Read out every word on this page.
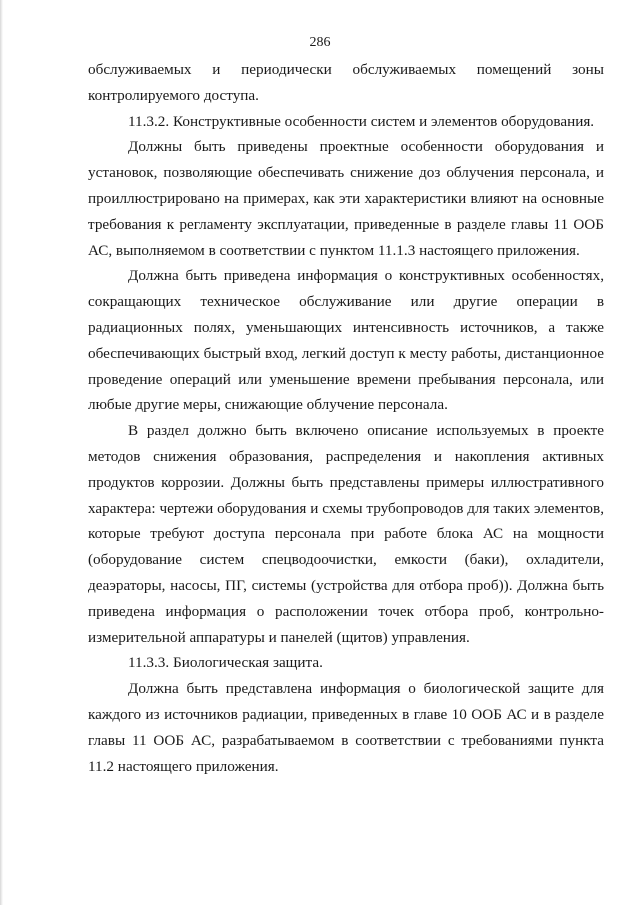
286

обслуживаемых и периодически обслуживаемых помещений зоны контролируемого доступа.

11.3.2. Конструктивные особенности систем и элементов оборудования.

Должны быть приведены проектные особенности оборудования и установок, позволяющие обеспечивать снижение доз облучения персонала, и проиллюстрировано на примерах, как эти характеристики влияют на основные требования к регламенту эксплуатации, приведенные в разделе главы 11 ООБ АС, выполняемом в соответствии с пунктом 11.1.3 настоящего приложения.

Должна быть приведена информация о конструктивных особенностях, сокращающих техническое обслуживание или другие операции в радиационных полях, уменьшающих интенсивность источников, а также обеспечивающих быстрый вход, легкий доступ к месту работы, дистанционное проведение операций или уменьшение времени пребывания персонала, или любые другие меры, снижающие облучение персонала.

В раздел должно быть включено описание используемых в проекте методов снижения образования, распределения и накопления активных продуктов коррозии. Должны быть представлены примеры иллюстративного характера: чертежи оборудования и схемы трубопроводов для таких элементов, которые требуют доступа персонала при работе блока АС на мощности (оборудование систем спецводоочистки, емкости (баки), охладители, деаэраторы, насосы, ПГ, системы (устройства для отбора проб)). Должна быть приведена информация о расположении точек отбора проб, контрольно-измерительной аппаратуры и панелей (щитов) управления.

11.3.3. Биологическая защита.

Должна быть представлена информация о биологической защите для каждого из источников радиации, приведенных в главе 10 ООБ АС и в разделе главы 11 ООБ АС, разрабатываемом в соответствии с требованиями пункта 11.2 настоящего приложения.
